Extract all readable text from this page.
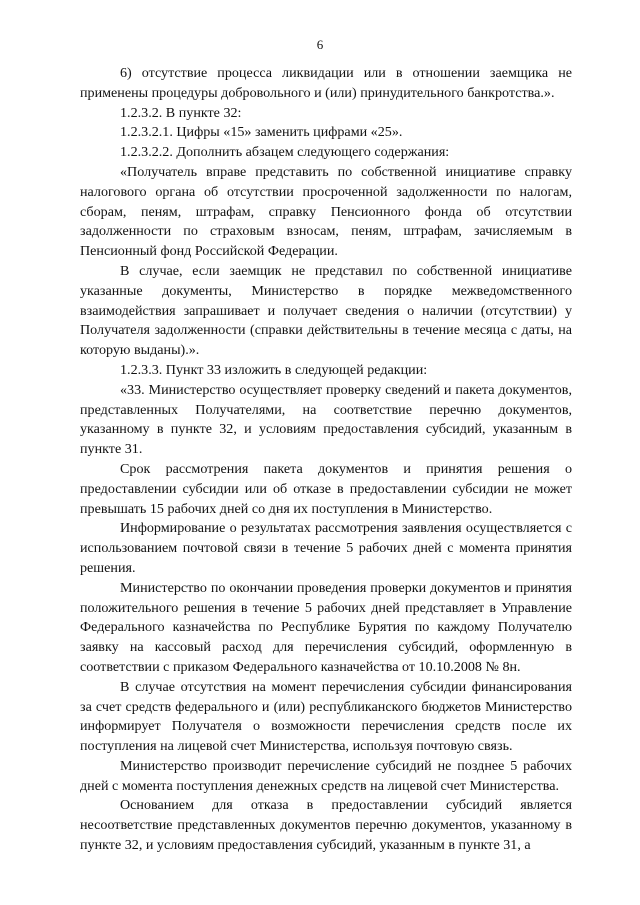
6

6) отсутствие процесса ликвидации или в отношении заемщика не применены процедуры добровольного и (или) принудительного банкротства.».

1.2.3.2. В пункте 32:

1.2.3.2.1. Цифры «15» заменить цифрами «25».

1.2.3.2.2. Дополнить абзацем следующего содержания:

«Получатель вправе представить по собственной инициативе справку налогового органа об отсутствии просроченной задолженности по налогам, сборам, пеням, штрафам, справку Пенсионного фонда об отсутствии задолженности по страховым взносам, пеням, штрафам, зачисляемым в Пенсионный фонд Российской Федерации.

В случае, если заемщик не представил по собственной инициативе указанные документы, Министерство в порядке межведомственного взаимодействия запрашивает и получает сведения о наличии (отсутствии) у Получателя задолженности (справки действительны в течение месяца с даты, на которую выданы).».

1.2.3.3. Пункт 33 изложить в следующей редакции:

«33. Министерство осуществляет проверку сведений и пакета документов, представленных Получателями, на соответствие перечню документов, указанному в пункте 32, и условиям предоставления субсидий, указанным в пункте 31.

Срок рассмотрения пакета документов и принятия решения о предоставлении субсидии или об отказе в предоставлении субсидии не может превышать 15 рабочих дней со дня их поступления в Министерство.

Информирование о результатах рассмотрения заявления осуществляется с использованием почтовой связи в течение 5 рабочих дней с момента принятия решения.

Министерство по окончании проведения проверки документов и принятия положительного решения в течение 5 рабочих дней представляет в Управление Федерального казначейства по Республике Бурятия по каждому Получателю заявку на кассовый расход для перечисления субсидий, оформленную в соответствии с приказом Федерального казначейства от 10.10.2008 № 8н.

В случае отсутствия на момент перечисления субсидии финансирования за счет средств федерального и (или) республиканского бюджетов Министерство информирует Получателя о возможности перечисления средств после их поступления на лицевой счет Министерства, используя почтовую связь.

Министерство производит перечисление субсидий не позднее 5 рабочих дней с момента поступления денежных средств на лицевой счет Министерства.

Основанием для отказа в предоставлении субсидий является несоответствие представленных документов перечню документов, указанному в пункте 32, и условиям предоставления субсидий, указанным в пункте 31, а
